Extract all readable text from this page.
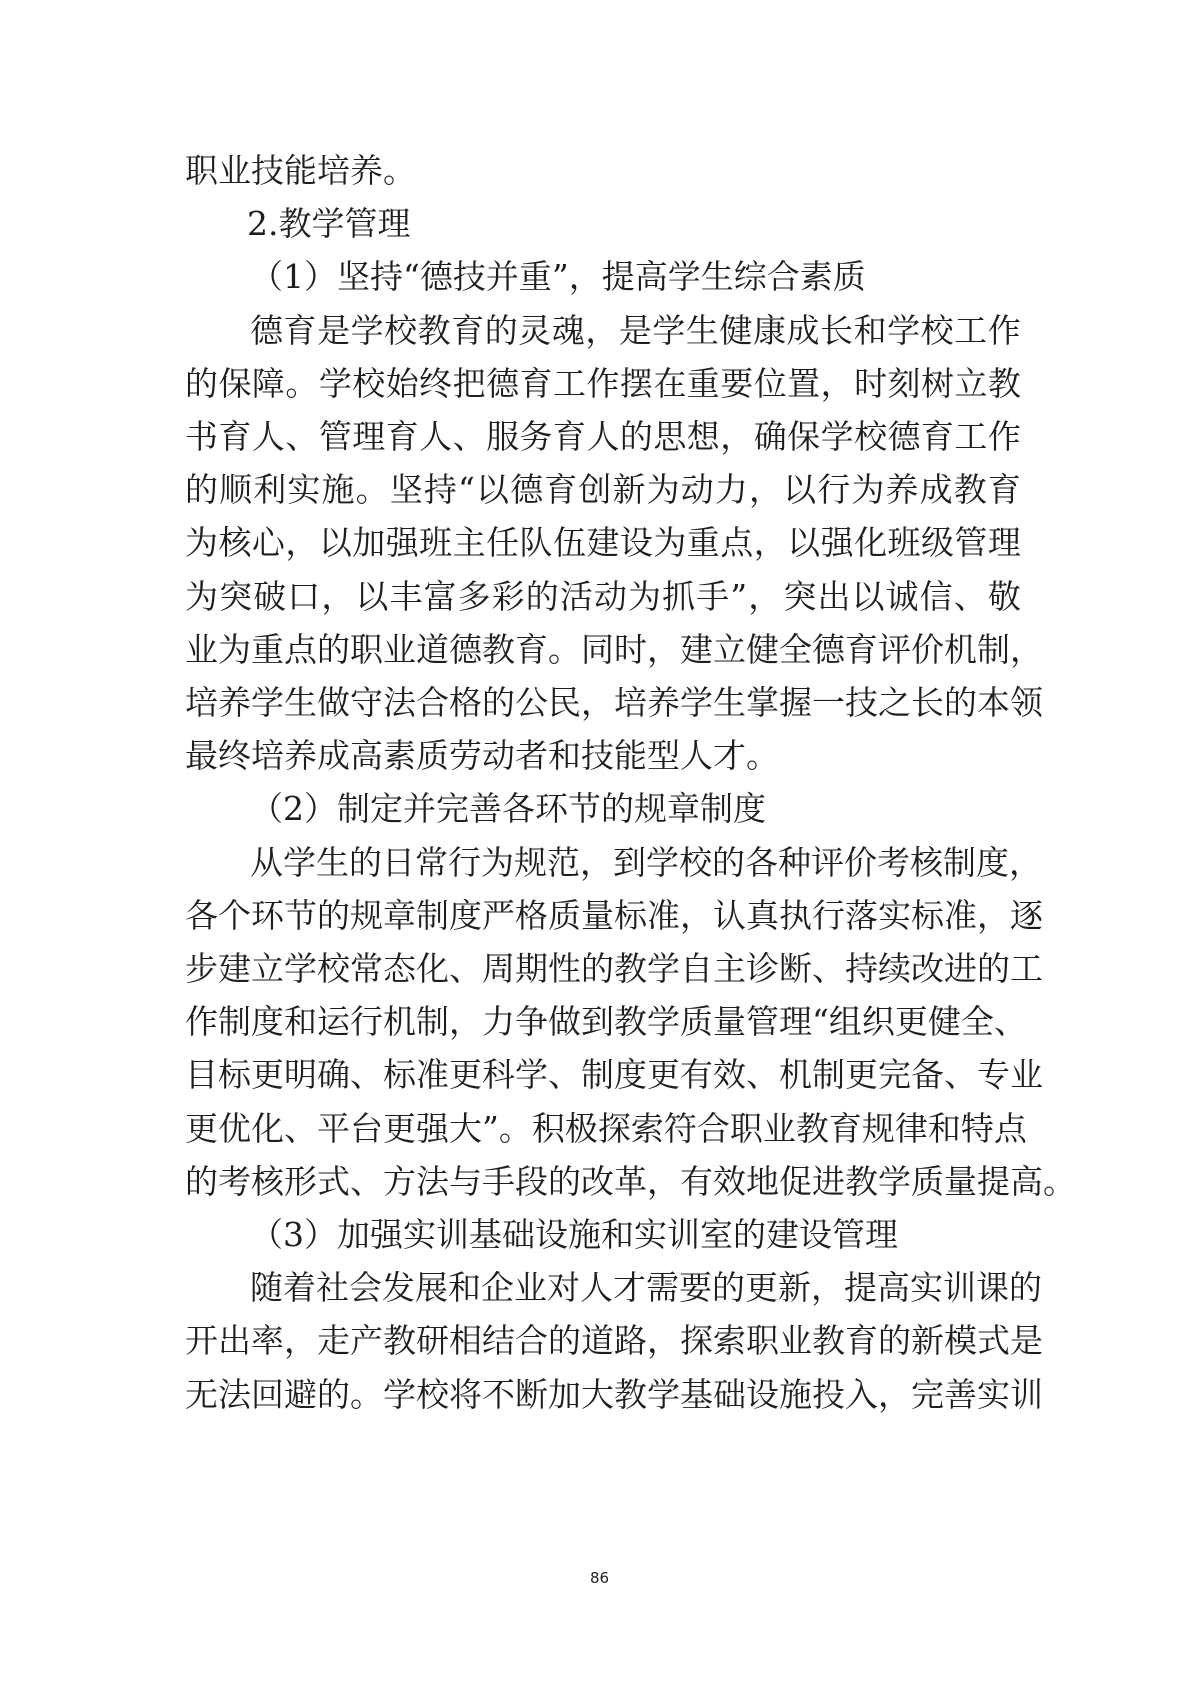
职业技能培养。
2.教学管理
（1）坚持“德技并重”，提高学生综合素质
德 育 是 学 校 教 育 的 灵 魂 ， 是 学 生 健 康 成 长 和 学 校 工 作
的 保 障 。 学 校 始 终 把 德 育 工 作 摆 在 重 要 位 置 ， 时 刻 树 立 教
书 育 人 、 管 理 育 人 、 服 务 育 人 的 思 想 ， 确 保 学 校 德 育 工 作
的 顺 利 实 施 。 坚 持 “ 以 德 育 创 新 为 动 力 ， 以 行 为 养 成 教 育
为 核 心 ， 以 加 强 班 主 任 队 伍 建 设 为 重 点 ， 以 强 化 班 级 管 理
为 突 破 口 ， 以 丰 富 多 彩 的 活 动 为 抓 手 ” ， 突 出 以 诚 信 、 敬
业 为 重 点 的 职 业 道 德 教 育 。 同 时 ， 建 立 健 全 德 育 评 价 机 制 ，
培 养 学 生 做 守 法 合 格 的 公 民 ， 培 养 学 生 掌 握 一 技 之 长 的 本 领
最终培养成高素质劳动者和技能型人才。
（2）制定并完善各环节的规章制度
从 学 生 的 日 常 行 为 规 范 ， 到 学 校 的 各 种 评 价 考 核 制 度 ，
各 个 环 节 的 规 章 制 度 严 格 质 量 标 准 ， 认 真 执 行 落 实 标 准 ， 逐
步 建 立 学 校 常 态 化 、 周 期 性 的 教 学 自 主 诊 断 、 持 续 改 进 的 工
作 制 度 和 运 行 机 制 ， 力 争 做 到 教 学 质 量 管 理 “ 组 织 更 健 全 、
目 标 更 明 确 、 标 准 更 科 学 、 制 度 更 有 效 、 机 制 更 完 备 、 专 业
更 优 化 、 平 台 更 强 大 ” 。 积 极 探 索 符 合 职 业 教 育 规 律 和 特 点
的 考 核 形 式 、 方 法 与 手 段 的 改 革 ， 有 效 地 促 进 教 学 质 量 提 高 。
（3）加强实训基础设施和实训室的建设管理
随 着 社 会 发 展 和 企 业 对 人 才 需 要 的 更 新 ， 提 高 实 训 课 的
开 出 率 ， 走 产 教 研 相 结 合 的 道 路 ， 探 索 职 业 教 育 的 新 模 式 是
无 法 回 避 的 。 学 校 将 不 断 加 大 教 学 基 础 设 施 投 入 ， 完 善 实 训
86
